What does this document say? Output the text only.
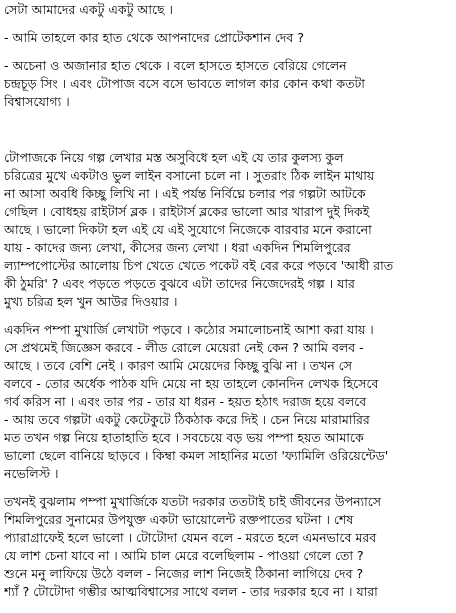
সেটা আমাদের একটু একটু আছে ।
- আমি তাহলে কার হাত থেকে আপনাদের প্রোটেকশান দেব ?
- অচেনা ও অজানার হাত থেকে । বলে হাসতে হাসতে বেরিয়ে গেলেন
চন্দ্রচূড় সিং । এবং টোপাজ বসে বসে ভাবতে লাগল কার কোন কথা কতটা
বিশ্বাসযোগ্য ।
টোপাজকে নিয়ে গল্প লেখার মস্ত অসুবিধে হল এই যে তার কুলস্য কুল
চরিত্রের মুখে একটাও ভুল লাইন বসানো চলে না । সুতরাং ঠিক লাইন মাথায়
না আসা অবধি কিচ্ছু লিখি না । এই পর্যন্ত নির্বিঘ্নে চলার পর গল্পটা আটকে
গেছিল । বোধহয় রাইটার্স ব্লক । রাইটার্স ব্লকের ভালো আর খারাপ দুই দিকই
আছে । ভালো দিকটা হল এই যে এই সুযোগে নিজেকে বারবার মনে করানো
যায় - কাদের জন্য লেখা, কীসের জন্য লেখা । ধরা একদিন শিমলিপুরের
ল্যাম্পপোস্টের আলোয় চিপ খেতে খেতে পকেট বই বের করে পড়বে 'আধী রাত
কী ঠুমরি' ? এবং পড়তে পড়তে বুঝবে এটা তাদের নিজেদেরই গল্প । যার
মুখ্য চরিত্র হল খুন আউর দিওয়ার ।
একদিন পম্পা মুখার্জি লেখাটা পড়বে । কঠোর সমালোচনাই আশা করা যায় ।
সে প্রথমেই জিজ্ঞেস করবে - লীড রোলে মেয়েরা নেই কেন ? আমি বলব -
আছে । তবে বেশি নেই । কারণ আমি মেয়েদের কিচ্ছু বুঝি না । তখন সে
বলবে - তোর অর্ধেক পাঠক যদি মেয়ে না হয় তাহলে কোনদিন লেখক হিসেবে
গর্ব করিস না । এবং তার পর - তার যা ধরন - হয়ত হঠাৎ দরাজ হয়ে বলবে
- আয় তবে গল্পটা একটু কেটেকুটে ঠিকঠাক করে দিই । চেন নিয়ে মারামারির
মত তখন গল্প নিয়ে হাতাহাতি হবে । সবচেয়ে বড় ভয় পম্পা হয়ত আমাকে
ভালো ছেলে বানিয়ে ছাড়বে । কিম্বা কমল সাহানির মতো 'ফ্যামিলি ওরিয়েন্টেড'
নভেলিস্ট ।
তখনই বুঝলাম পম্পা মুখার্জিকে যতটা দরকার ততটাই চাই জীবনের উপন্যাসে
শিমলিপুরের সুনামের উপযুক্ত একটা ভায়োলেন্ট রক্তপাতের ঘটনা । শেষ
প্যারাগ্রাফেই হলে ভালো । টোটোদা যেমন বলে - মরতে হলে এমনভাবে মরব
যে লাশ চেনা যাবে না । আমি চাল মেরে বলেছিলাম - পাওয়া গেলে তো ?
শুনে মনু লাফিয়ে উঠে বলল - নিজের লাশ নিজেই ঠিকানা লাগিয়ে দেব ?
শ্যাঁ ? টোটোদা গম্ভীর আত্মবিশ্বাসের সাথে বলল - তার দরকার হবে না । যারা
